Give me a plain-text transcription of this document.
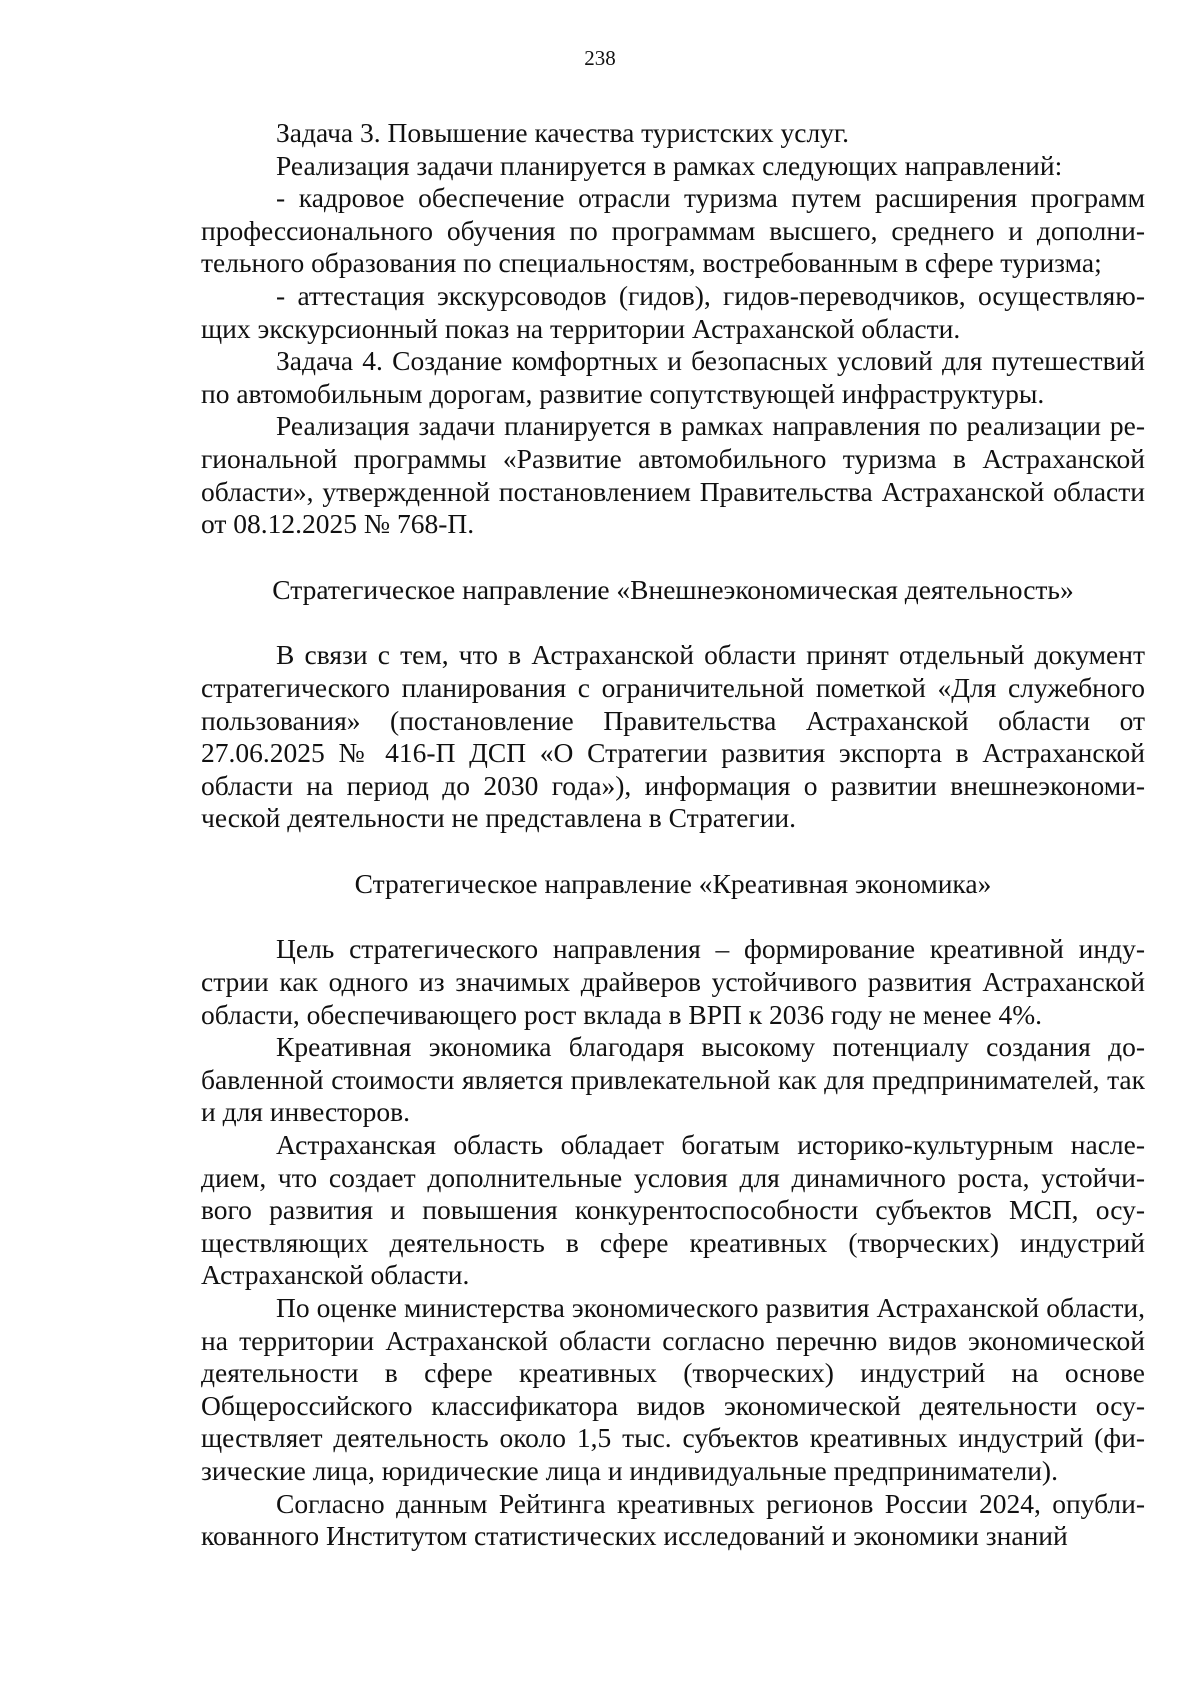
238

Задача 3. Повышение качества туристских услуг.

Реализация задачи планируется в рамках следующих направлений:

- кадровое обеспечение отрасли туризма путем расширения программ профессионального обучения по программам высшего, среднего и дополнительного образования по специальностям, востребованным в сфере туризма;

- аттестация экскурсоводов (гидов), гидов-переводчиков, осуществляющих экскурсионный показ на территории Астраханской области.

Задача 4. Создание комфортных и безопасных условий для путешествий по автомобильным дорогам, развитие сопутствующей инфраструктуры.

Реализация задачи планируется в рамках направления по реализации региональной программы «Развитие автомобильного туризма в Астраханской области», утвержденной постановлением Правительства Астраханской области от 08.12.2025 № 768-П.

Стратегическое направление «Внешнеэкономическая деятельность»

В связи с тем, что в Астраханской области принят отдельный документ стратегического планирования с ограничительной пометкой «Для служебного пользования» (постановление Правительства Астраханской области от 27.06.2025 № 416-П ДСП «О Стратегии развития экспорта в Астраханской области на период до 2030 года»), информация о развитии внешнеэкономической деятельности не представлена в Стратегии.

Стратегическое направление «Креативная экономика»

Цель стратегического направления – формирование креативной индустрии как одного из значимых драйверов устойчивого развития Астраханской области, обеспечивающего рост вклада в ВРП к 2036 году не менее 4%.

Креативная экономика благодаря высокому потенциалу создания добавленной стоимости является привлекательной как для предпринимателей, так и для инвесторов.

Астраханская область обладает богатым историко-культурным наследием, что создает дополнительные условия для динамичного роста, устойчивого развития и повышения конкурентоспособности субъектов МСП, осуществляющих деятельность в сфере креативных (творческих) индустрий Астраханской области.

По оценке министерства экономического развития Астраханской области, на территории Астраханской области согласно перечню видов экономической деятельности в сфере креативных (творческих) индустрий на основе Общероссийского классификатора видов экономической деятельности осуществляет деятельность около 1,5 тыс. субъектов креативных индустрий (физические лица, юридические лица и индивидуальные предприниматели).

Согласно данным Рейтинга креативных регионов России 2024, опубликованного Институтом статистических исследований и экономики знаний
